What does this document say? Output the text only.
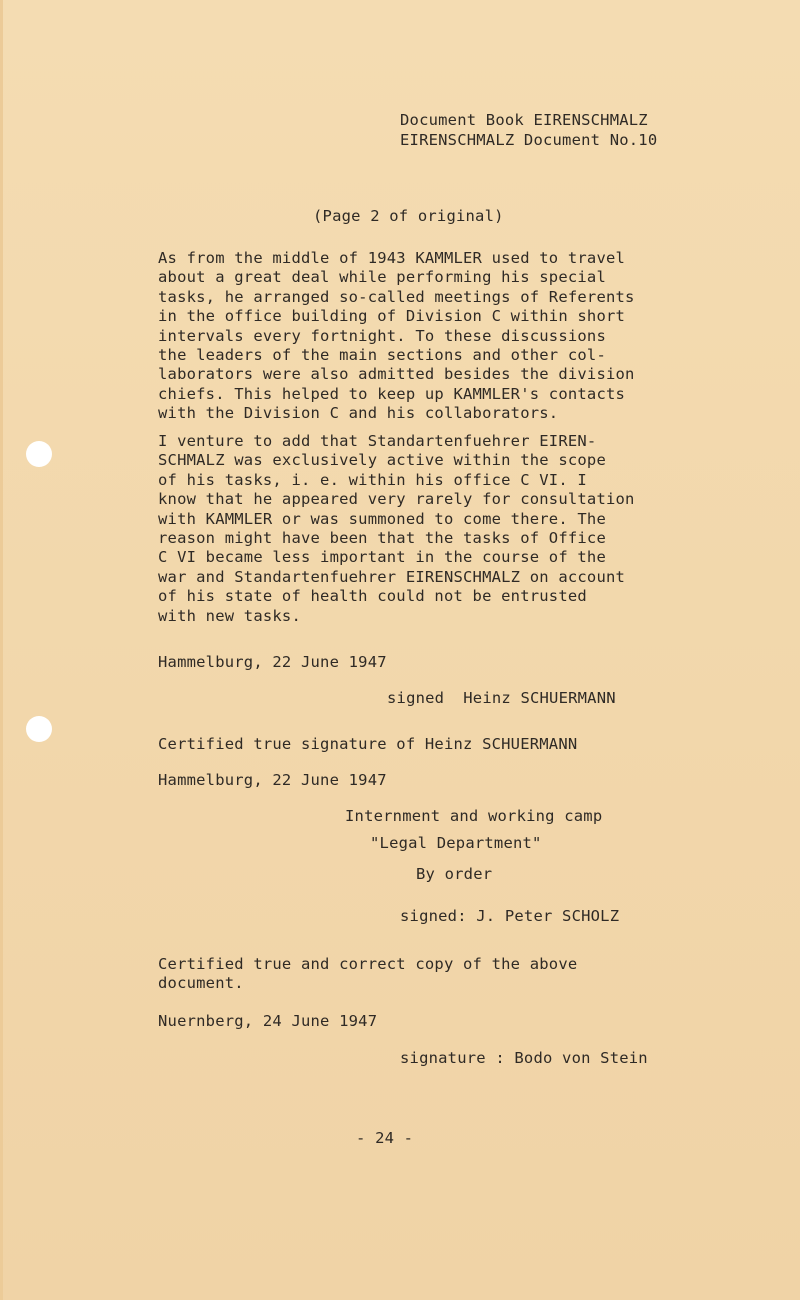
Document Book EIRENSCHMALZ
EIRENSCHMALZ Document No.10
(Page 2 of original)
As from the middle of 1943 KAMMLER used to travel
about a great deal while performing his special
tasks, he arranged so-called meetings of Referents
in the office building of Division C within short
intervals every fortnight. To these discussions
the leaders of the main sections and other col-
laborators were also admitted besides the division
chiefs. This helped to keep up KAMMLER's contacts
with the Division C and his collaborators.
I venture to add that Standartenfuehrer EIREN-
SCHMALZ was exclusively active within the scope
of his tasks, i. e. within his office C VI. I
know that he appeared very rarely for consultation
with KAMMLER or was summoned to come there. The
reason might have been that the tasks of Office
C VI became less important in the course of the
war and Standartenfuehrer EIRENSCHMALZ on account
of his state of health could not be entrusted
with new tasks.
Hammelburg, 22 June 1947
signed  Heinz SCHUERMANN
Certified true signature of Heinz SCHUERMANN
Hammelburg, 22 June 1947
Internment and working camp
"Legal Department"
By order
signed: J. Peter SCHOLZ
Certified true and correct copy of the above
document.
Nuernberg, 24 June 1947
signature : Bodo von Stein
- 24 -
